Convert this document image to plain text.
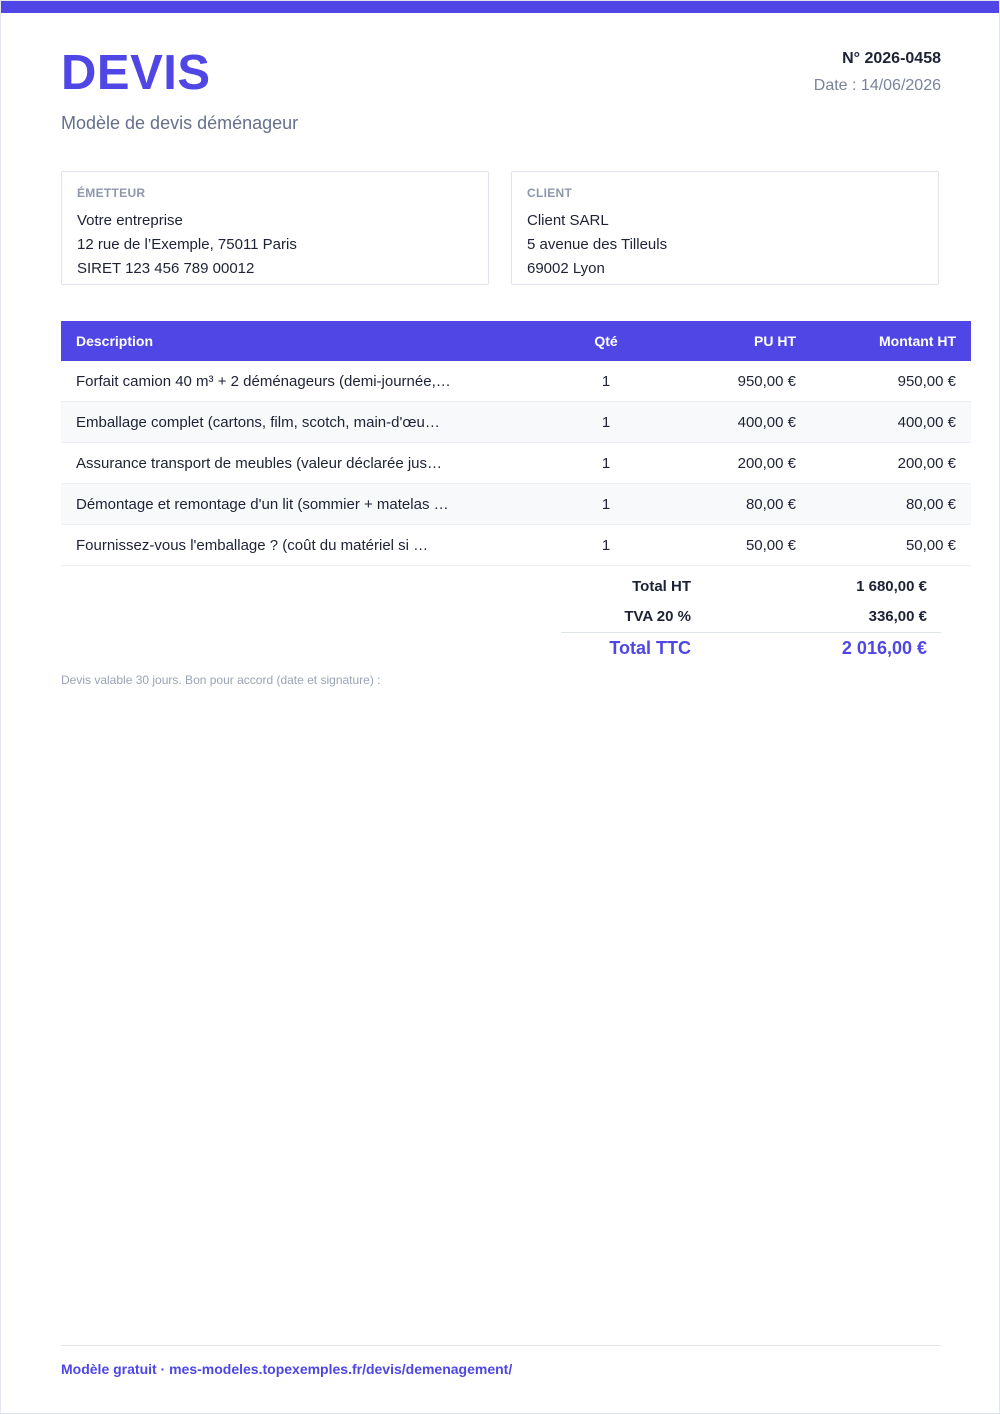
DEVIS
Modèle de devis déménageur
N° 2026-0458
Date : 14/06/2026
ÉMETTEUR
Votre entreprise
12 rue de l’Exemple, 75011 Paris
SIRET 123 456 789 00012
CLIENT
Client SARL
5 avenue des Tilleuls
69002 Lyon
Description	Qté	PU HT	Montant HT
Forfait camion 40 m³ + 2 déménageurs (demi-journée,…	1	950,00 €	950,00 €
Emballage complet (cartons, film, scotch, main-d'œu…	1	400,00 €	400,00 €
Assurance transport de meubles (valeur déclarée jus…	1	200,00 €	200,00 €
Démontage et remontage d'un lit (sommier + matelas …	1	80,00 €	80,00 €
Fournissez-vous l'emballage ? (coût du matériel si …	1	50,00 €	50,00 €
Total HT	1 680,00 €
TVA 20 %	336,00 €
Total TTC	2 016,00 €
Devis valable 30 jours. Bon pour accord (date et signature) :
Modèle gratuit · mes-modeles.topexemples.fr/devis/demenagement/
